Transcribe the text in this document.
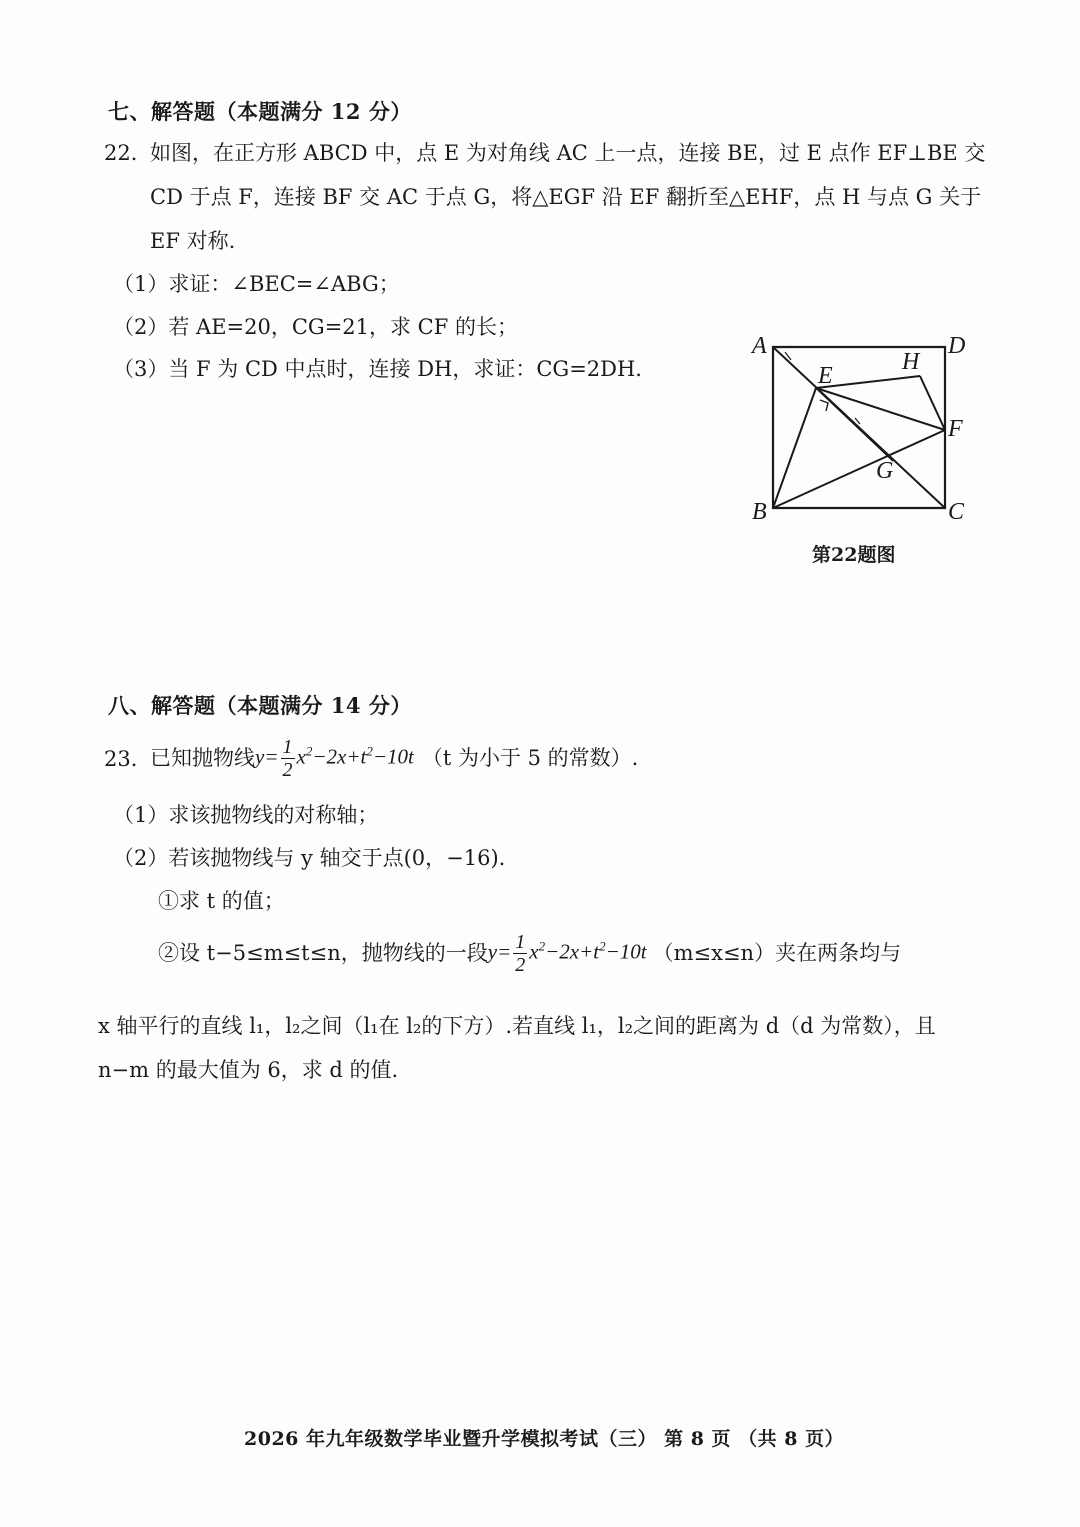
七、解答题（本题满分 12 分）
22．
如图，在正方形 ABCD 中，点 E 为对角线 AC 上一点，连接 BE，过 E 点作 EF⊥BE 交
CD 于点 F，连接 BF 交 AC 于点 G，将△EGF 沿 EF 翻折至△EHF，点 H 与点 G 关于
EF 对称.
（1）求证：∠BEC=∠ABG；
（2）若 AE=20，CG=21，求 CF 的长；
（3）当 F 为 CD 中点时，连接 DH，求证：CG=2DH.
A	D
E
H
F
G
B	C
第22题图
八、解答题（本题满分 14 分）
23．
已知抛物线 $y= \frac{1}{2} x^2-2x+t^2-10t$ （t 为小于 5 的常数）.
（1）求该抛物线的对称轴；
（2）若该抛物线与 y 轴交于点(0，−16).
①求 t 的值；
②设 t−5≤m≤t≤n，抛物线的一段 $y= \frac{1}{2} x^2-2x+t^2-10t$ （m≤x≤n）夹在两条均与
x 轴平行的直线 l₁，l₂之间（l₁在 l₂的下方）.若直线 l₁，l₂之间的距离为 d（d 为常数），且
n−m 的最大值为 6，求 d 的值.
2026 年九年级数学毕业暨升学模拟考试（三） 第 8 页 （共 8 页）
